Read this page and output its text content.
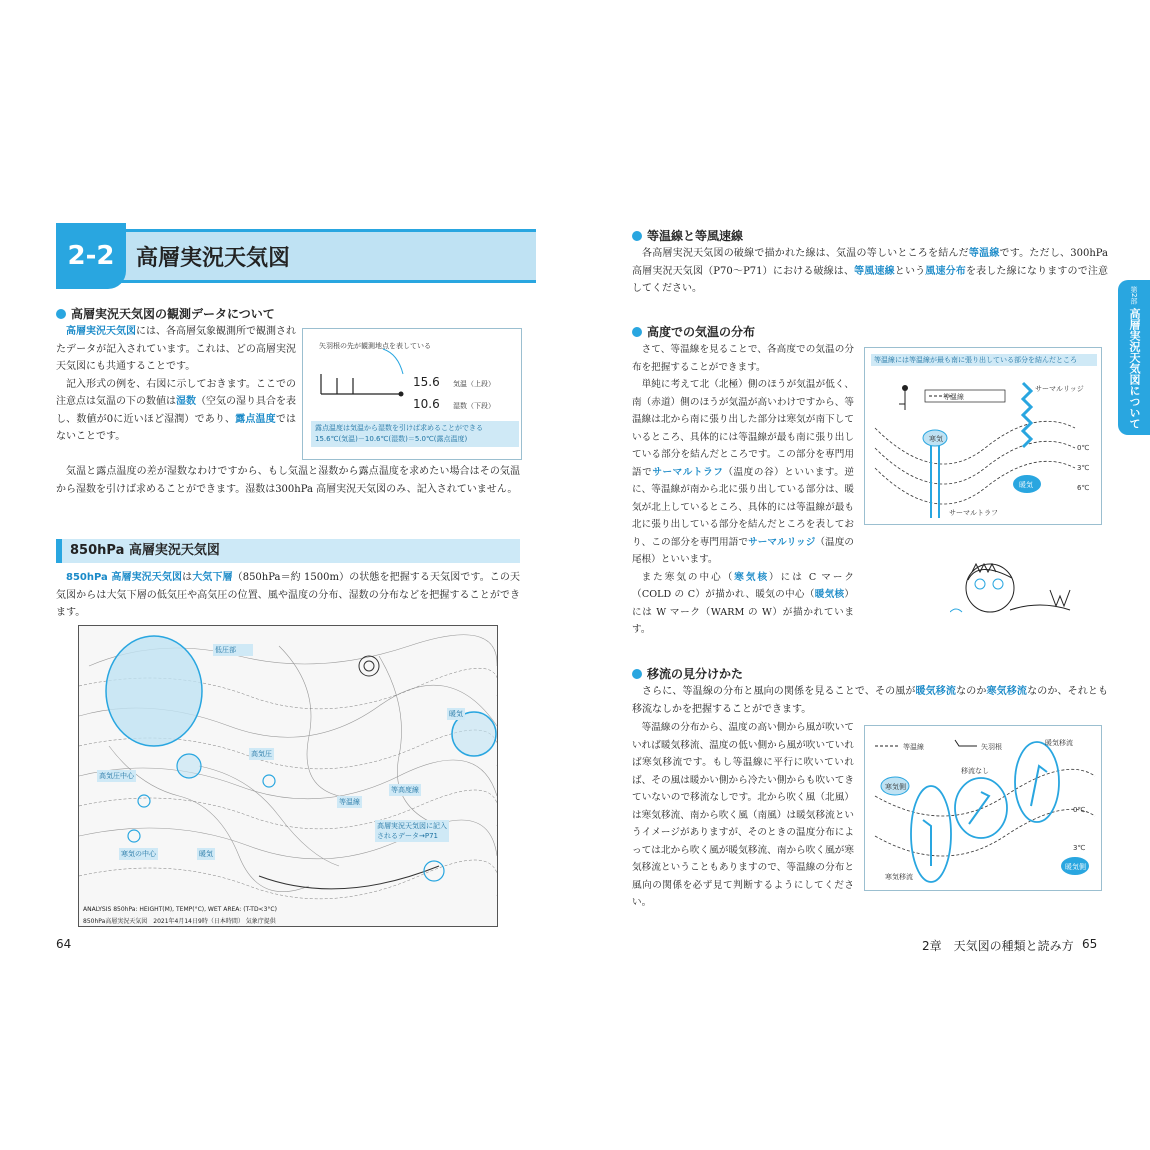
2-2 高層実況天気図
高層実況天気図の観測データについて

高層実況天気図には、各高層気象観測所で観測されたデータが記入されています。これは、どの高層実況天気図にも共通することです。

記入形式の例を、右図に示しておきます。ここでの注意点は気温の下の数値は湿数（空気の湿り具合を表し、数値が0に近いほど湿潤）であり、露点温度ではないことです。

矢羽根の先が観測地点を表している
15.6 気温（上段）
10.6 湿数（下段）
露点温度は気温から湿数を引けば求めることができる
15.6℃(気温)－10.6℃(湿数)＝5.0℃(露点温度)

気温と露点温度の差が湿数なわけですから、もし気温と湿数から露点温度を求めたい場合はその気温から湿数を引けば求めることができます。湿数は300hPa 高層実況天気図のみ、記入されていません。

850hPa 高層実況天気図

850hPa 高層実況天気図は大気下層（850hPa＝約 1500m）の状態を把握する天気図です。この天気図からは大気下層の低気圧や高気圧の位置、風や温度の分布、湿数の分布などを把握することができます。

低圧部
暖気
高気圧中心
等温線
等高度線
寒気の中心
高層実況天気図に記入されるデータ→P71
高気圧
暖気
ANALYSIS 850hPa: HEIGHT(M), TEMP(°C), WET AREA: (T-TD<3°C)
850hPa高層実況天気図　2021年4月14日9時（日本時間） 気象庁提供
64
等温線と等風速線

各高層実況天気図の破線で描かれた線は、気温の等しいところを結んだ等温線です。ただし、300hPa 高層実況天気図（P70～P71）における破線は、等風速線という風速分布を表した線になりますので注意してください。

高度での気温の分布

さて、等温線を見ることで、各高度での気温の分布を把握することができます。

単純に考えて北（北極）側のほうが気温が低く、南（赤道）側のほうが気温が高いわけですから、等温線は北から南に張り出した部分は寒気が南下しているところ、具体的には等温線が最も南に張り出している部分を結んだところです。この部分を専門用語でサーマルトラフ（温度の谷）といいます。逆に、等温線が南から北に張り出している部分は、暖気が北上しているところ、具体的には等温線が最も北に張り出している部分を結んだところを表しており、この部分を専門用語でサーマルリッジ（温度の尾根）といいます。

また寒気の中心（寒気核）には C マーク（COLD の C）が描かれ、暖気の中心（暖気核）には W マーク（WARM の W）が描かれています。

等温線には等温線が最も南に張り出している部分を結んだところ
等温線
サーマルリッジ
サーマルトラフ
寒気
暖気
0℃
3℃
6℃
移流の見分けかた

さらに、等温線の分布と風向の関係を見ることで、その風が暖気移流なのか寒気移流なのか、それとも移流なしかを把握することができます。

等温線の分布から、温度の高い側から風が吹いていれば暖気移流、温度の低い側から風が吹いていれば寒気移流です。もし等温線に平行に吹いていれば、その風は暖かい側から冷たい側からも吹いてきていないので移流なしです。北から吹く風（北風）は寒気移流、南から吹く風（南風）は暖気移流というイメージがありますが、そのときの温度分布によっては北から吹く風が暖気移流、南から吹く風が寒気移流ということもありますので、等温線の分布と風向の関係を必ず見て判断するようにしてください。

等温線	矢羽根	暖気移流
移流なし
寒気移流
寒気側
暖気側
0℃
3℃
第2部
高層実況天気図について
2章　天気図の種類と読み方 65
